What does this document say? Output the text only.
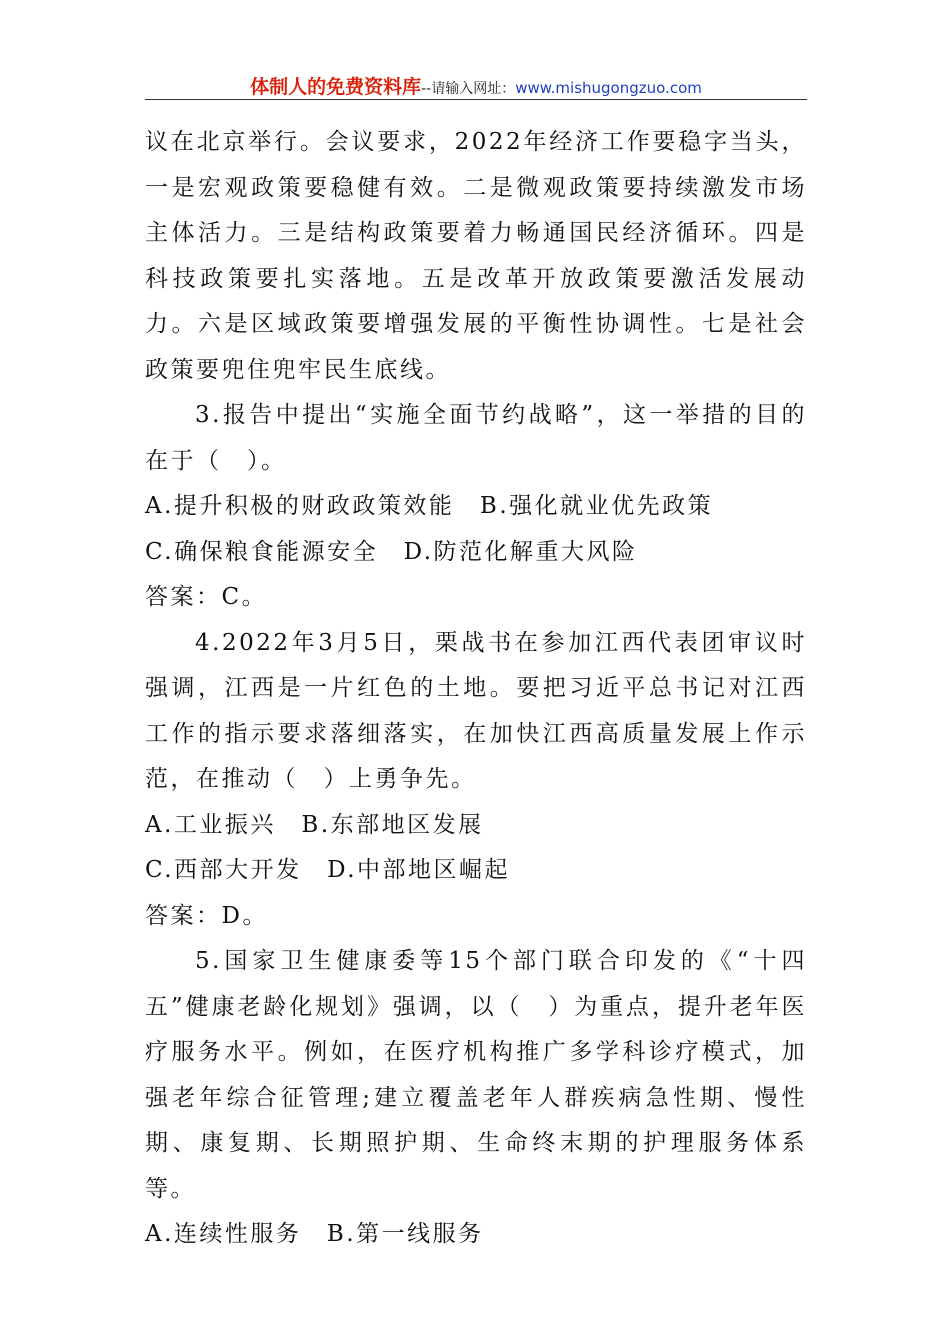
体制人的免费资料库--请输入网址：www.mishugongzuo.com

议在北京举行。会议要求，2022年经济工作要稳字当头，一是宏观政策要稳健有效。二是微观政策要持续激发市场主体活力。三是结构政策要着力畅通国民经济循环。四是科技政策要扎实落地。五是改革开放政策要激活发展动力。六是区域政策要增强发展的平衡性协调性。七是社会政策要兜住兜牢民生底线。

3.报告中提出“实施全面节约战略”，这一举措的目的在于（　）。

A.提升积极的财政政策效能　B.强化就业优先政策

C.确保粮食能源安全　D.防范化解重大风险

答案：C。

4.2022年3月5日，栗战书在参加江西代表团审议时强调，江西是一片红色的土地。要把习近平总书记对江西工作的指示要求落细落实，在加快江西高质量发展上作示范，在推动（　）上勇争先。

A.工业振兴　B.东部地区发展

C.西部大开发　D.中部地区崛起

答案：D。

5.国家卫生健康委等15个部门联合印发的《“十四五”健康老龄化规划》强调，以（　）为重点，提升老年医疗服务水平。例如，在医疗机构推广多学科诊疗模式，加强老年综合征管理;建立覆盖老年人群疾病急性期、慢性期、康复期、长期照护期、生命终末期的护理服务体系等。

A.连续性服务　B.第一线服务
